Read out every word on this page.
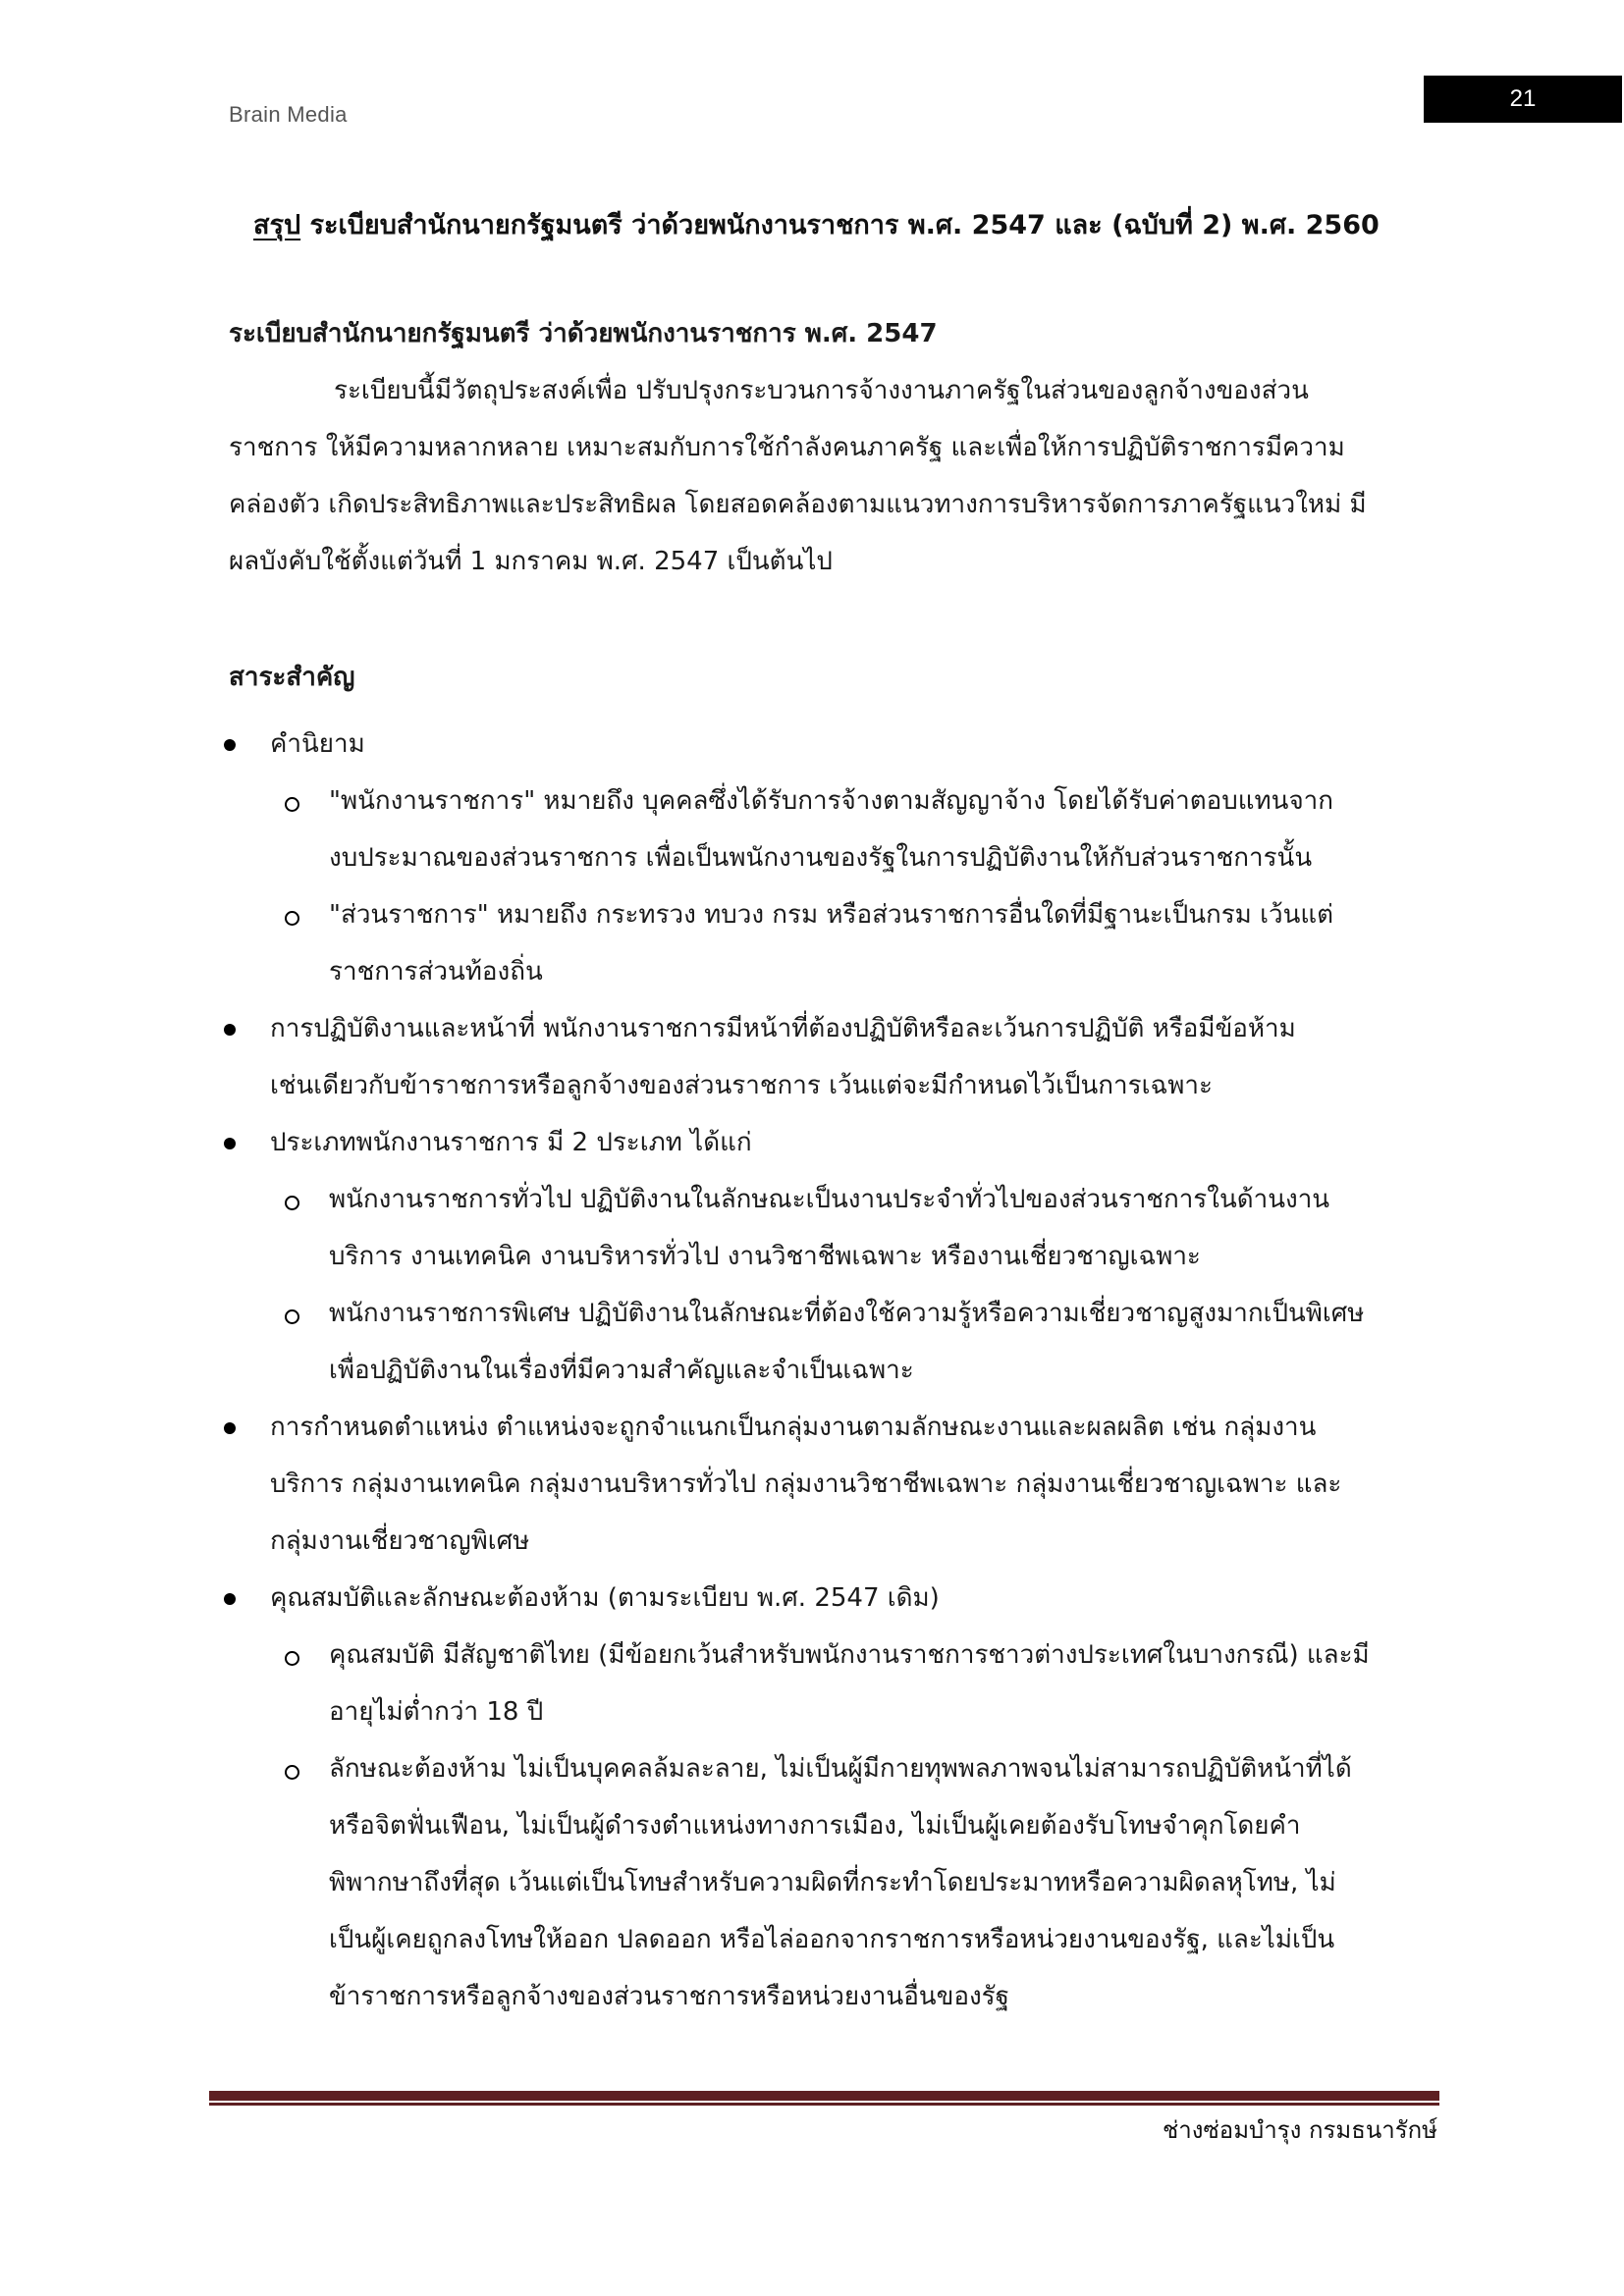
Brain Media
21
สรุป ระเบียบสำนักนายกรัฐมนตรี ว่าด้วยพนักงานราชการ พ.ศ. 2547 และ (ฉบับที่ 2) พ.ศ. 2560
ระเบียบสำนักนายกรัฐมนตรี ว่าด้วยพนักงานราชการ พ.ศ. 2547
ระเบียบนี้มีวัตถุประสงค์เพื่อ ปรับปรุงกระบวนการจ้างงานภาครัฐในส่วนของลูกจ้างของส่วน
ราชการ ให้มีความหลากหลาย เหมาะสมกับการใช้กำลังคนภาครัฐ และเพื่อให้การปฏิบัติราชการมีความ
คล่องตัว เกิดประสิทธิภาพและประสิทธิผล โดยสอดคล้องตามแนวทางการบริหารจัดการภาครัฐแนวใหม่ มี
ผลบังคับใช้ตั้งแต่วันที่ 1 มกราคม พ.ศ. 2547 เป็นต้นไป
สาระสำคัญ
คำนิยาม
"พนักงานราชการ" หมายถึง บุคคลซึ่งได้รับการจ้างตามสัญญาจ้าง โดยได้รับค่าตอบแทนจาก
งบประมาณของส่วนราชการ เพื่อเป็นพนักงานของรัฐในการปฏิบัติงานให้กับส่วนราชการนั้น
"ส่วนราชการ" หมายถึง กระทรวง ทบวง กรม หรือส่วนราชการอื่นใดที่มีฐานะเป็นกรม เว้นแต่
ราชการส่วนท้องถิ่น
การปฏิบัติงานและหน้าที่ พนักงานราชการมีหน้าที่ต้องปฏิบัติหรือละเว้นการปฏิบัติ หรือมีข้อห้าม
เช่นเดียวกับข้าราชการหรือลูกจ้างของส่วนราชการ เว้นแต่จะมีกำหนดไว้เป็นการเฉพาะ
ประเภทพนักงานราชการ มี 2 ประเภท ได้แก่
พนักงานราชการทั่วไป ปฏิบัติงานในลักษณะเป็นงานประจำทั่วไปของส่วนราชการในด้านงาน
บริการ งานเทคนิค งานบริหารทั่วไป งานวิชาชีพเฉพาะ หรืองานเชี่ยวชาญเฉพาะ
พนักงานราชการพิเศษ ปฏิบัติงานในลักษณะที่ต้องใช้ความรู้หรือความเชี่ยวชาญสูงมากเป็นพิเศษ
เพื่อปฏิบัติงานในเรื่องที่มีความสำคัญและจำเป็นเฉพาะ
การกำหนดตำแหน่ง ตำแหน่งจะถูกจำแนกเป็นกลุ่มงานตามลักษณะงานและผลผลิต เช่น กลุ่มงาน
บริการ กลุ่มงานเทคนิค กลุ่มงานบริหารทั่วไป กลุ่มงานวิชาชีพเฉพาะ กลุ่มงานเชี่ยวชาญเฉพาะ และ
กลุ่มงานเชี่ยวชาญพิเศษ
คุณสมบัติและลักษณะต้องห้าม (ตามระเบียบ พ.ศ. 2547 เดิม)
คุณสมบัติ มีสัญชาติไทย (มีข้อยกเว้นสำหรับพนักงานราชการชาวต่างประเทศในบางกรณี) และมี
อายุไม่ต่ำกว่า 18 ปี
ลักษณะต้องห้าม ไม่เป็นบุคคลล้มละลาย, ไม่เป็นผู้มีกายทุพพลภาพจนไม่สามารถปฏิบัติหน้าที่ได้
หรือจิตฟั่นเฟือน, ไม่เป็นผู้ดำรงตำแหน่งทางการเมือง, ไม่เป็นผู้เคยต้องรับโทษจำคุกโดยคำ
พิพากษาถึงที่สุด เว้นแต่เป็นโทษสำหรับความผิดที่กระทำโดยประมาทหรือความผิดลหุโทษ, ไม่
เป็นผู้เคยถูกลงโทษให้ออก ปลดออก หรือไล่ออกจากราชการหรือหน่วยงานของรัฐ, และไม่เป็น
ข้าราชการหรือลูกจ้างของส่วนราชการหรือหน่วยงานอื่นของรัฐ
ช่างซ่อมบำรุง กรมธนารักษ์
